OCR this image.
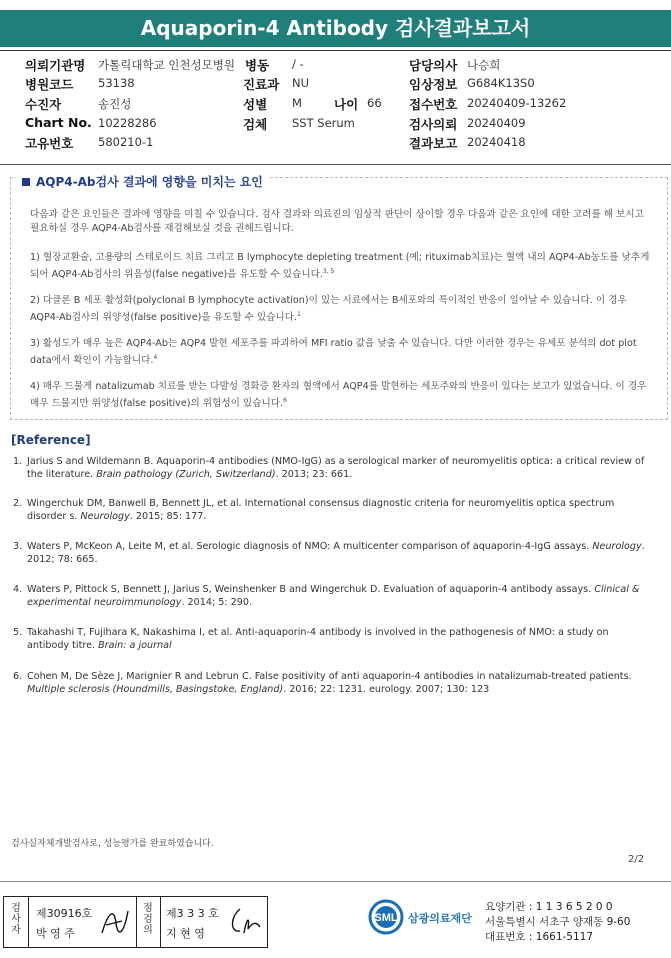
Aquaporin-4 Antibody 검사결과보고서
의뢰기관명 가톨릭대학교 인천성모병원
병원코드 53138
수진자	송진성
Chart No. 10228286
고유번호 580210-1
병동 / -
진료과 NU
성별 M	나이 66
검체 SST Serum
담당의사 나승희
임상정보 G684K13S0
접수번호 20240409-13262
검사의뢰 20240409
결과보고 20240418
AQP4-Ab검사 결과에 영향을 미치는 요인
다음과 같은 요인들은 결과에 영향을 미칠 수 있습니다. 검사 결과와 의료진의 임상적 판단이 상이할 경우 다음과 같은 요인에 대한 고려를 해 보시고 필요하실 경우 AQP4-Ab검사를 재검해보실 것을 권해드립니다.
1) 혈장교환술, 고용량의 스테로이드 치료 그리고 B lymphocyte depleting treatment (예; rituximab치료)는 혈액 내의 AQP4-Ab농도를 낮추게 되어 AQP4-Ab검사의 위음성(false negative)을 유도할 수 있습니다.$^{3, 5}$
2) 다클론 B 세포 활성화(polyclonal B lymphocyte activation)이 있는 시료에서는 B세포와의 특이적인 반응이 일어날 수 있습니다. 이 경우 AQP4-Ab검사의 위양성(false positive)을 유도할 수 있습니다.$^1$
3) 활성도가 매우 높은 AQP4-Ab는 AQP4 발현 세포주를 파괴하여 MFI ratio 값을 낮출 수 있습니다. 다만 이러한 경우는 유세포 분석의 dot plot data에서 확인이 가능합니다.$^4$
4) 매우 드물게 natalizumab 치료를 받는 다발성 경화증 환자의 혈액에서 AQP4를 발현하는 세포주와의 반응이 있다는 보고가 있었습니다. 이 경우 매우 드물지만 위양성(false positive)의 위험성이 있습니다.$^6$
[Reference]
1. Jarius S and Wildemann B. Aquaporin-4 antibodies (NMO-IgG) as a serological marker of neuromyelitis optica: a critical review of the literature. Brain pathology (Zurich, Switzerland). 2013; 23: 661.
2. Wingerchuk DM, Banwell B, Bennett JL, et al. International consensus diagnostic criteria for neuromyelitis optica spectrum disorder s. Neurology. 2015; 85: 177.
3. Waters P, McKeon A, Leite M, et al. Serologic diagnosis of NMO: A multicenter comparison of aquaporin-4-IgG assays. Neurology. 2012; 78: 665.
4. Waters P, Pittock S, Bennett J, Jarius S, Weinshenker B and Wingerchuk D. Evaluation of aquaporin-4 antibody assays. Clinical & experimental neuroimmunology. 2014; 5: 290.
5. Takahashi T, Fujihara K, Nakashima I, et al. Anti-aquaporin-4 antibody is involved in the pathogenesis of NMO: a study on antibody titre. Brain: a journal
6. Cohen M, De Sèze J, Marignier R and Lebrun C. False positivity of anti aquaporin-4 antibodies in natalizumab-treated patients. Multiple sclerosis (Houndmills, Basingstoke, England). 2016; 22: 1231. eurology. 2007; 130: 123
검사실자체개발검사로, 성능평가를 완료하였습니다.
2/2
검
사
자
제30916호
박 영 주
점
검
의
제3 3 3 호
지 현 영
SML 삼광의료재단
요양기관 : 1 1 3 6 5 2 0 0
서울특별시 서초구 양재동 9-60
대표번호 : 1661-5117
